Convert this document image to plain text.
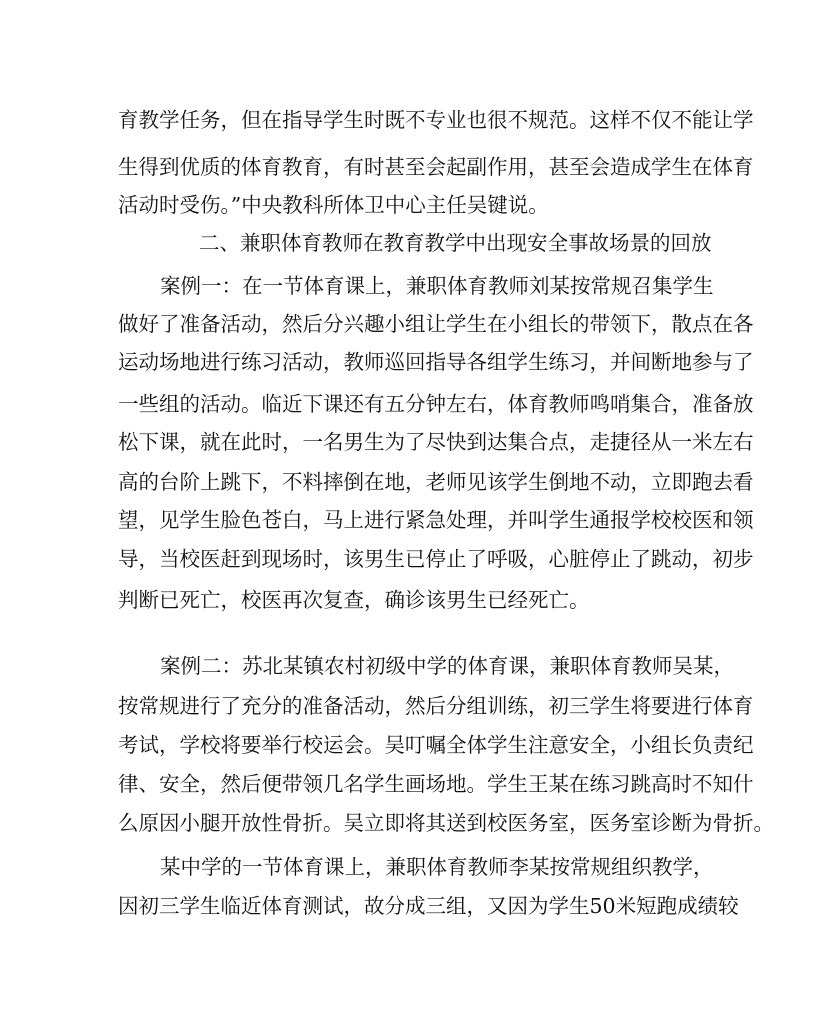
育教学任务，但在指导学生时既不专业也很不规范。这样不仅不能让学
生得到优质的体育教育，有时甚至会起副作用，甚至会造成学生在体育
活动时受伤。”中央教科所体卫中心主任吴键说。
二、兼职体育教师在教育教学中出现安全事故场景的回放
案例一：在一节体育课上，兼职体育教师刘某按常规召集学生
做好了准备活动，然后分兴趣小组让学生在小组长的带领下，散点在各
运动场地进行练习活动，教师巡回指导各组学生练习，并间断地参与了
一些组的活动。临近下课还有五分钟左右，体育教师鸣哨集合，准备放
松下课，就在此时，一名男生为了尽快到达集合点，走捷径从一米左右
高的台阶上跳下，不料摔倒在地，老师见该学生倒地不动，立即跑去看
望，见学生脸色苍白，马上进行紧急处理，并叫学生通报学校校医和领
导，当校医赶到现场时，该男生已停止了呼吸，心脏停止了跳动，初步
判断已死亡，校医再次复查，确诊该男生已经死亡。
案例二：苏北某镇农村初级中学的体育课，兼职体育教师吴某，
按常规进行了充分的准备活动，然后分组训练，初三学生将要进行体育
考试，学校将要举行校运会。吴叮嘱全体学生注意安全，小组长负责纪
律、安全，然后便带领几名学生画场地。学生王某在练习跳高时不知什
么原因小腿开放性骨折。吴立即将其送到校医务室，医务室诊断为骨折。
某中学的一节体育课上，兼职体育教师李某按常规组织教学，
因初三学生临近体育测试，故分成三组，又因为学生50米短跑成绩较
